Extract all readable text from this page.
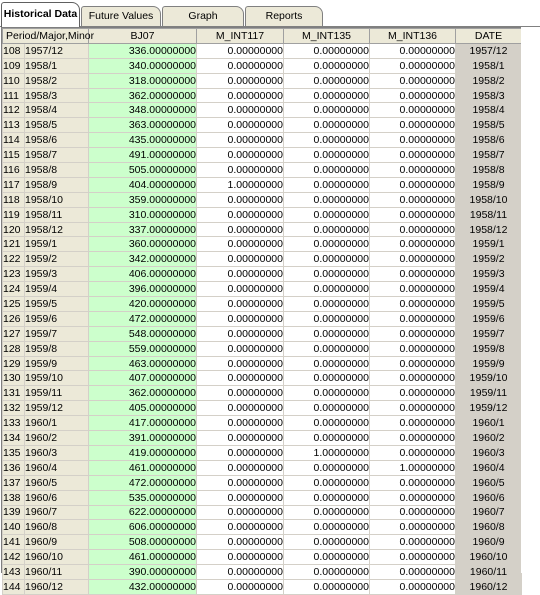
Historical Data	Future Values	Graph	Reports
Period/Major,Minor		BJ07	M_INT117	M_INT135	M_INT136	DATE
108	1957/12	336.00000000	0.00000000	0.00000000	0.00000000	1957/12
109	1958/1	340.00000000	0.00000000	0.00000000	0.00000000	1958/1
110	1958/2	318.00000000	0.00000000	0.00000000	0.00000000	1958/2
111	1958/3	362.00000000	0.00000000	0.00000000	0.00000000	1958/3
112	1958/4	348.00000000	0.00000000	0.00000000	0.00000000	1958/4
113	1958/5	363.00000000	0.00000000	0.00000000	0.00000000	1958/5
114	1958/6	435.00000000	0.00000000	0.00000000	0.00000000	1958/6
115	1958/7	491.00000000	0.00000000	0.00000000	0.00000000	1958/7
116	1958/8	505.00000000	0.00000000	0.00000000	0.00000000	1958/8
117	1958/9	404.00000000	1.00000000	0.00000000	0.00000000	1958/9
118	1958/10	359.00000000	0.00000000	0.00000000	0.00000000	1958/10
119	1958/11	310.00000000	0.00000000	0.00000000	0.00000000	1958/11
120	1958/12	337.00000000	0.00000000	0.00000000	0.00000000	1958/12
121	1959/1	360.00000000	0.00000000	0.00000000	0.00000000	1959/1
122	1959/2	342.00000000	0.00000000	0.00000000	0.00000000	1959/2
123	1959/3	406.00000000	0.00000000	0.00000000	0.00000000	1959/3
124	1959/4	396.00000000	0.00000000	0.00000000	0.00000000	1959/4
125	1959/5	420.00000000	0.00000000	0.00000000	0.00000000	1959/5
126	1959/6	472.00000000	0.00000000	0.00000000	0.00000000	1959/6
127	1959/7	548.00000000	0.00000000	0.00000000	0.00000000	1959/7
128	1959/8	559.00000000	0.00000000	0.00000000	0.00000000	1959/8
129	1959/9	463.00000000	0.00000000	0.00000000	0.00000000	1959/9
130	1959/10	407.00000000	0.00000000	0.00000000	0.00000000	1959/10
131	1959/11	362.00000000	0.00000000	0.00000000	0.00000000	1959/11
132	1959/12	405.00000000	0.00000000	0.00000000	0.00000000	1959/12
133	1960/1	417.00000000	0.00000000	0.00000000	0.00000000	1960/1
134	1960/2	391.00000000	0.00000000	0.00000000	0.00000000	1960/2
135	1960/3	419.00000000	0.00000000	1.00000000	0.00000000	1960/3
136	1960/4	461.00000000	0.00000000	0.00000000	1.00000000	1960/4
137	1960/5	472.00000000	0.00000000	0.00000000	0.00000000	1960/5
138	1960/6	535.00000000	0.00000000	0.00000000	0.00000000	1960/6
139	1960/7	622.00000000	0.00000000	0.00000000	0.00000000	1960/7
140	1960/8	606.00000000	0.00000000	0.00000000	0.00000000	1960/8
141	1960/9	508.00000000	0.00000000	0.00000000	0.00000000	1960/9
142	1960/10	461.00000000	0.00000000	0.00000000	0.00000000	1960/10
143	1960/11	390.00000000	0.00000000	0.00000000	0.00000000	1960/11
144	1960/12	432.00000000	0.00000000	0.00000000	0.00000000	1960/12
